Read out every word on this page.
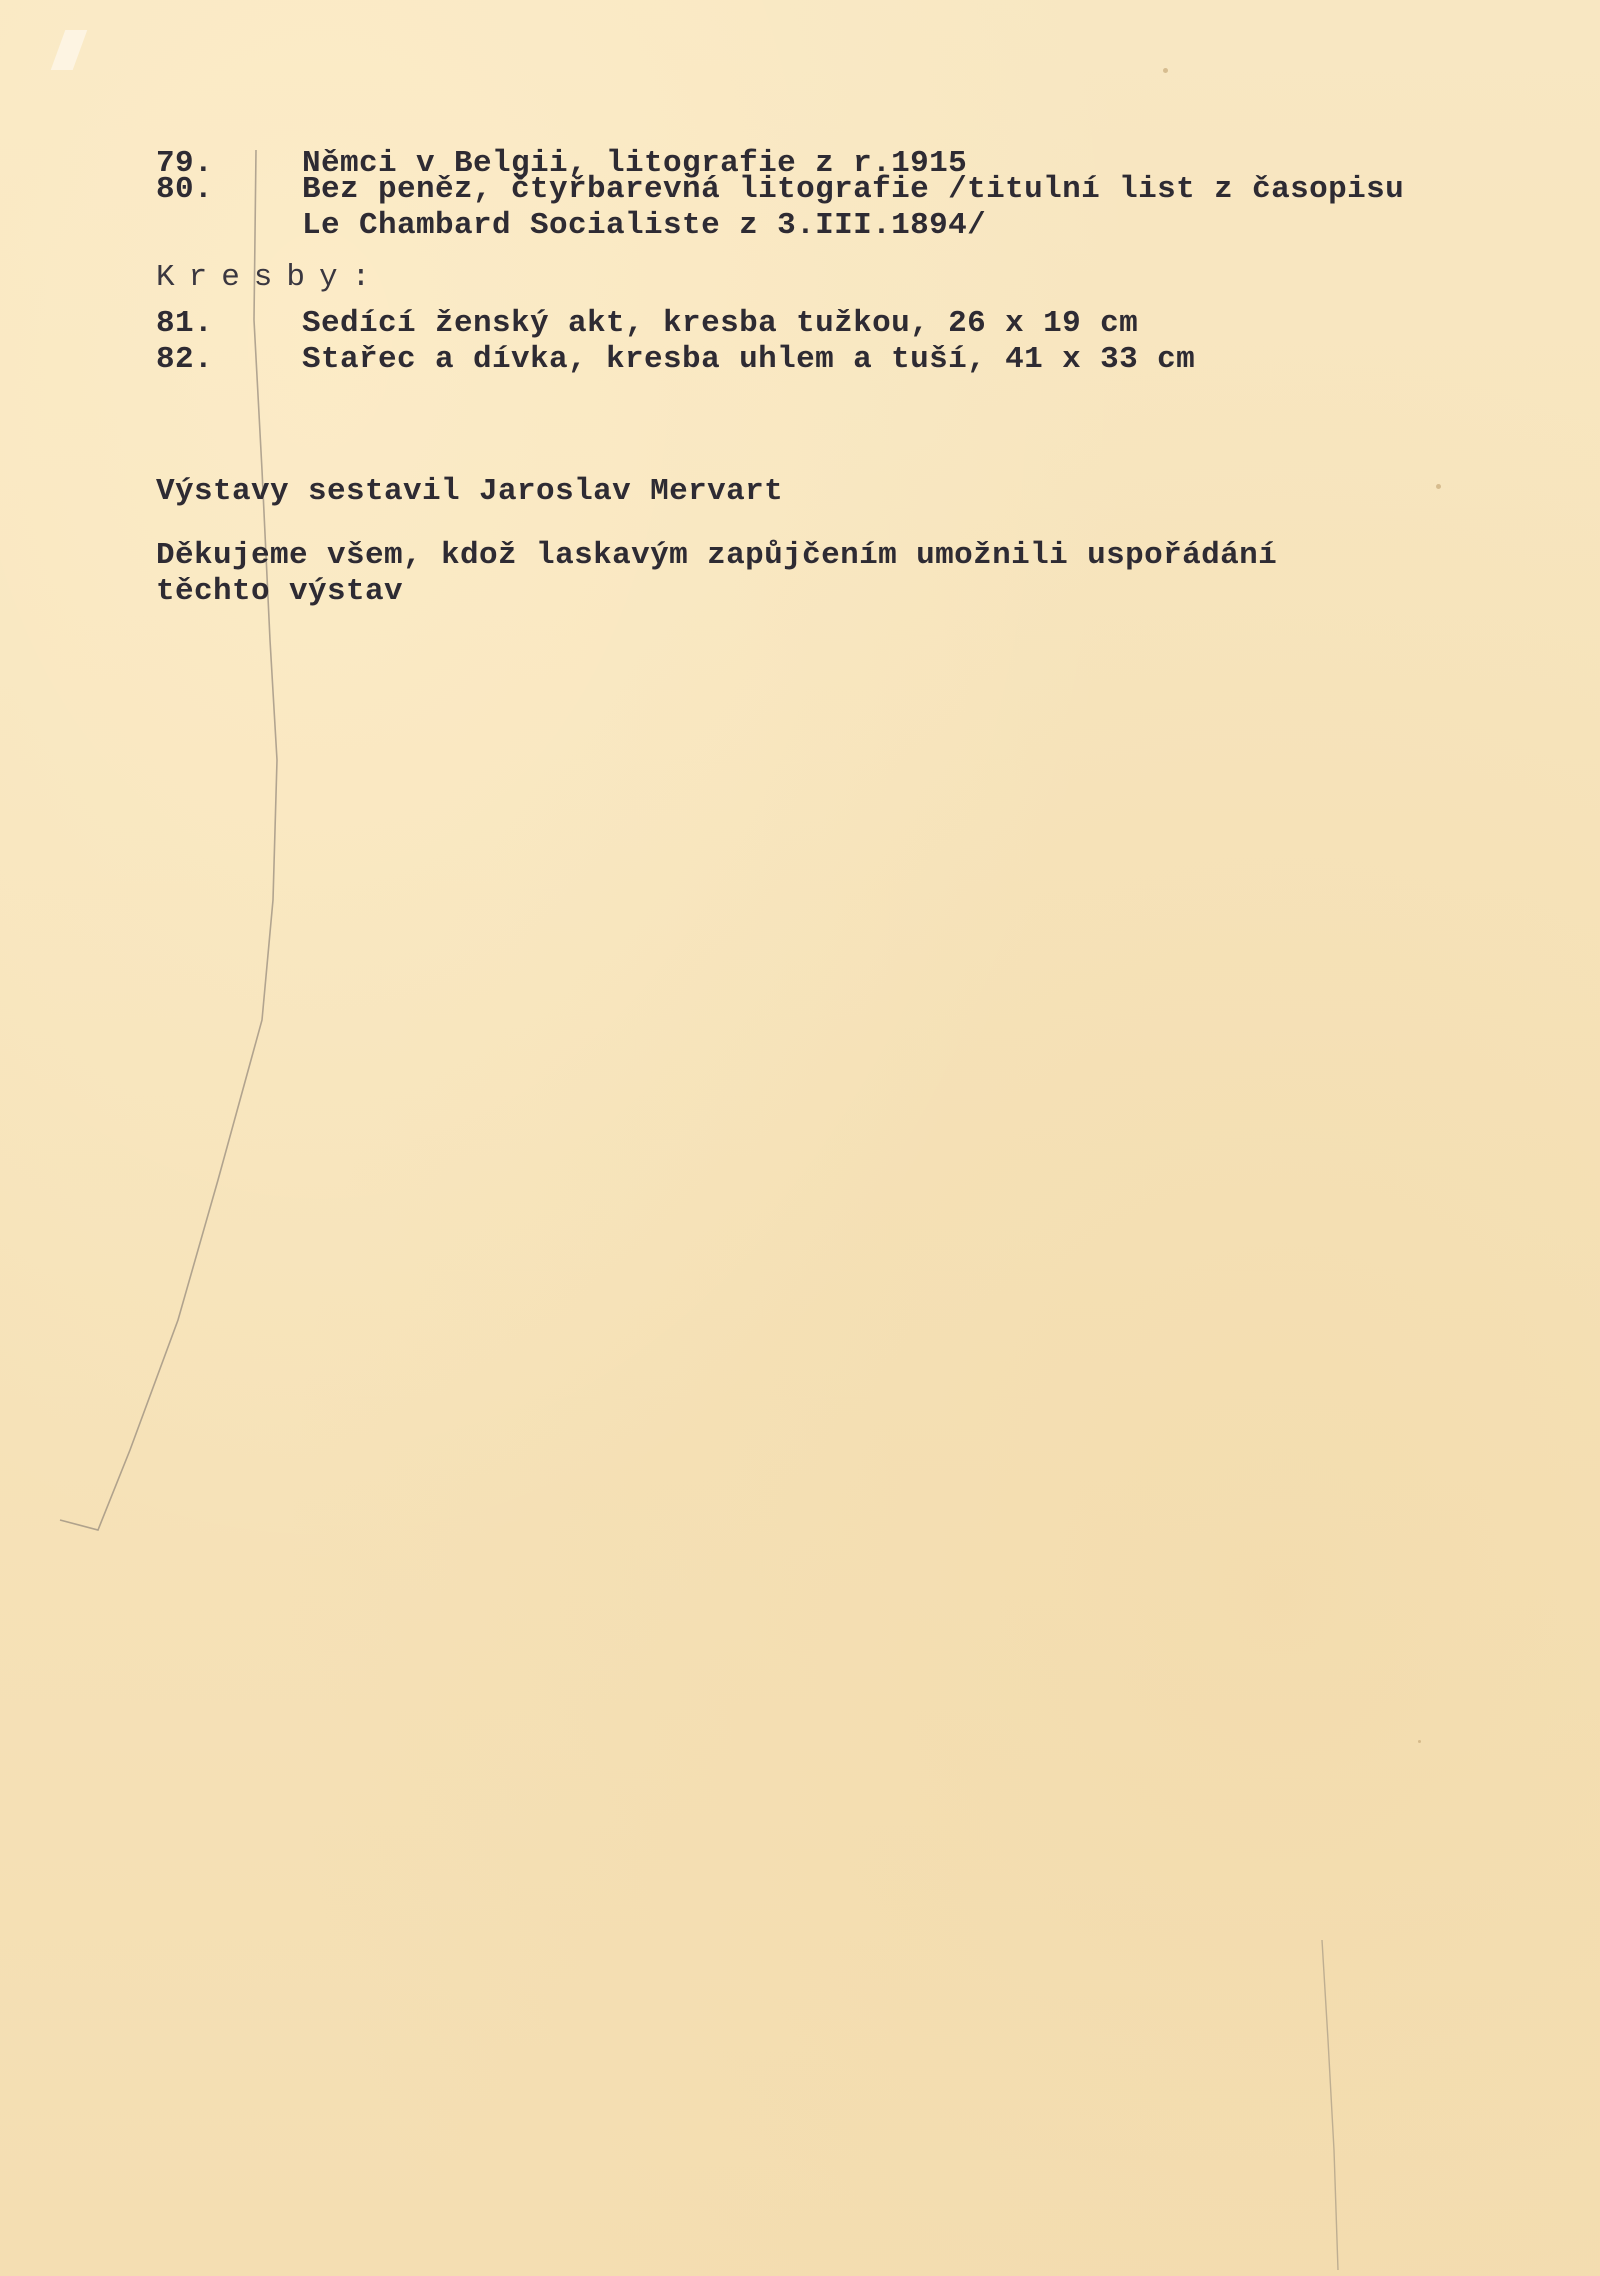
79.	Němci v Belgii, litografie z r.1915
80.	Bez peněz, čtyřbarevná litografie /titulní list z časopisu
Le Chambard Socialiste z 3.III.1894/
Kresby:
81.	Sedící ženský akt, kresba tužkou, 26 x 19 cm
82.	Stařec a dívka, kresba uhlem a tuší, 41 x 33 cm
Výstavy sestavil Jaroslav Mervart
Děkujeme všem, kdož laskavým zapůjčením umožnili uspořádání
těchto výstav
